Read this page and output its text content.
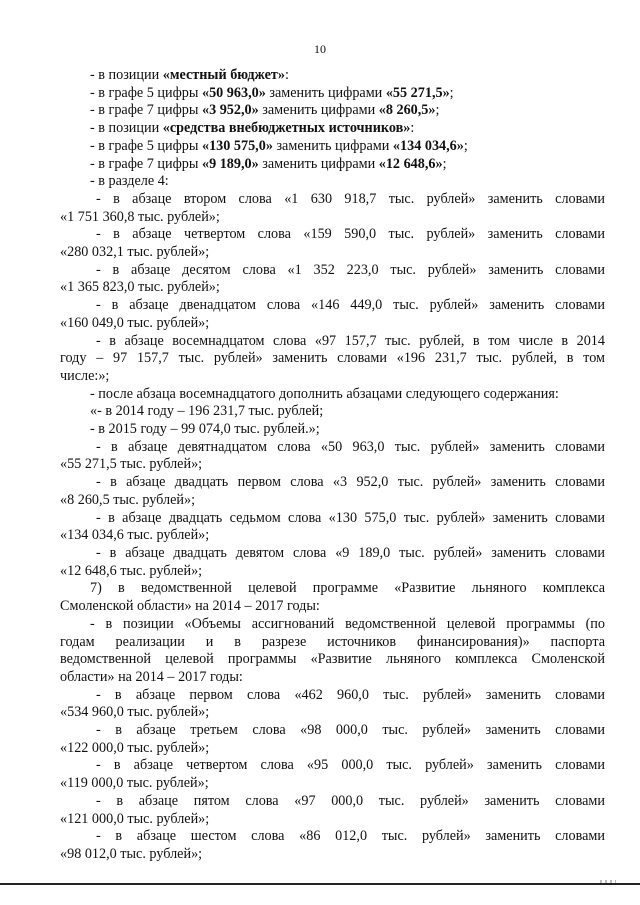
10

- в позиции «местный бюджет»:

- в графе 5 цифры «50 963,0» заменить цифрами «55 271,5»;

- в графе 7 цифры «3 952,0» заменить цифрами «8 260,5»;

- в позиции «средства внебюджетных источников»:

- в графе 5 цифры «130 575,0» заменить цифрами «134 034,6»;

- в графе 7 цифры «9 189,0» заменить цифрами «12 648,6»;

- в разделе 4:

- в абзаце втором слова «1 630 918,7 тыс. рублей» заменить словами

«1 751 360,8 тыс. рублей»;

- в абзаце четвертом слова «159 590,0 тыс. рублей» заменить словами

«280 032,1 тыс. рублей»;

- в абзаце десятом слова «1 352 223,0 тыс. рублей» заменить словами

«1 365 823,0 тыс. рублей»;

- в абзаце двенадцатом слова «146 449,0 тыс. рублей» заменить словами

«160 049,0 тыс. рублей»;

- в абзаце восемнадцатом слова «97 157,7 тыс. рублей, в том числе в 2014

году – 97 157,7 тыс. рублей» заменить словами «196 231,7 тыс. рублей, в том

числе:»;

- после абзаца восемнадцатого дополнить абзацами следующего содержания:

«- в 2014 году – 196 231,7 тыс. рублей;

- в 2015 году – 99 074,0 тыс. рублей.»;

- в абзаце девятнадцатом слова «50 963,0 тыс. рублей» заменить словами

«55 271,5 тыс. рублей»;

- в абзаце двадцать первом слова «3 952,0 тыс. рублей» заменить словами

«8 260,5 тыс. рублей»;

- в абзаце двадцать седьмом слова «130 575,0 тыс. рублей» заменить словами

«134 034,6 тыс. рублей»;

- в абзаце двадцать девятом слова «9 189,0 тыс. рублей» заменить словами

«12 648,6 тыс. рублей»;

7) в ведомственной целевой программе «Развитие льняного комплекса

Смоленской области» на 2014 – 2017 годы:

- в позиции «Объемы ассигнований ведомственной целевой программы (по

годам реализации и в разрезе источников финансирования)» паспорта

ведомственной целевой программы «Развитие льняного комплекса Смоленской

области» на 2014 – 2017 годы:

- в абзаце первом слова «462 960,0 тыс. рублей» заменить словами

«534 960,0 тыс. рублей»;

- в абзаце третьем слова «98 000,0 тыс. рублей» заменить словами

«122 000,0 тыс. рублей»;

- в абзаце четвертом слова «95 000,0 тыс. рублей» заменить словами

«119 000,0 тыс. рублей»;

- в абзаце пятом слова «97 000,0 тыс. рублей» заменить словами

«121 000,0 тыс. рублей»;

- в абзаце шестом слова «86 012,0 тыс. рублей» заменить словами

«98 012,0 тыс. рублей»;
